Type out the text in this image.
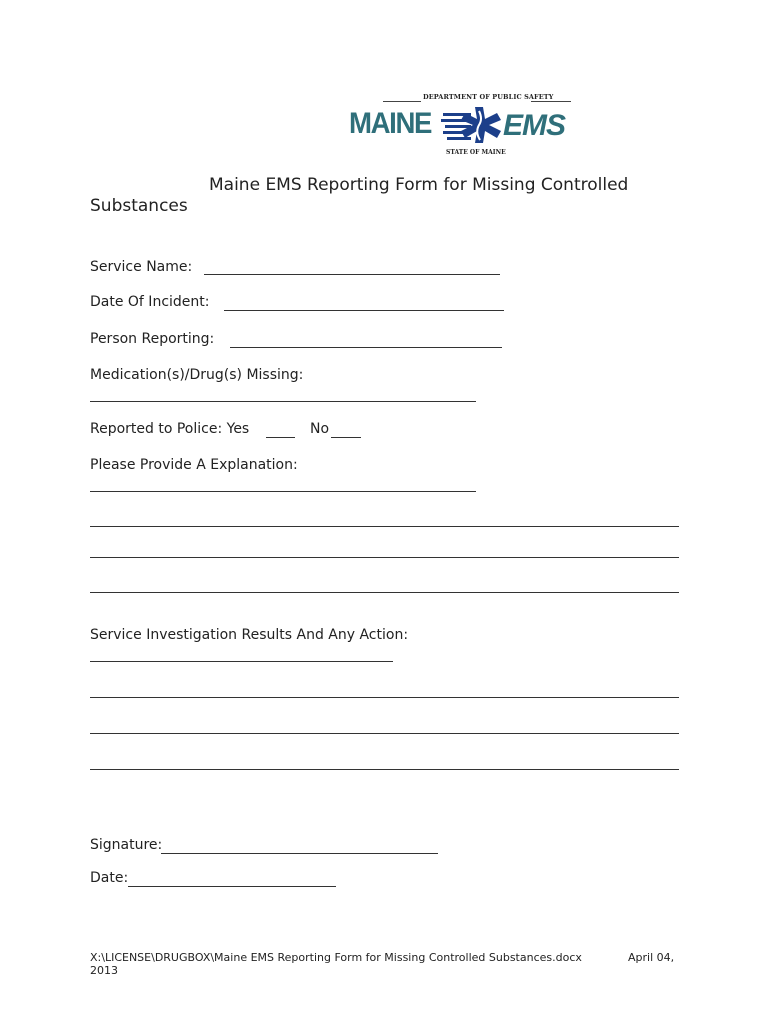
DEPARTMENT OF PUBLIC SAFETY
MAINE EMS
STATE OF MAINE
Maine EMS Reporting Form for Missing Controlled
Substances
Service Name:
Date Of Incident:
Person Reporting:
Medication(s)/Drug(s) Missing:
Reported to Police: Yes	No
Please Provide A Explanation:
Service Investigation Results And Any Action:
Signature:
Date:
X:\LICENSE\DRUGBOX\Maine EMS Reporting Form for Missing Controlled Substances.docx	April 04,
2013
